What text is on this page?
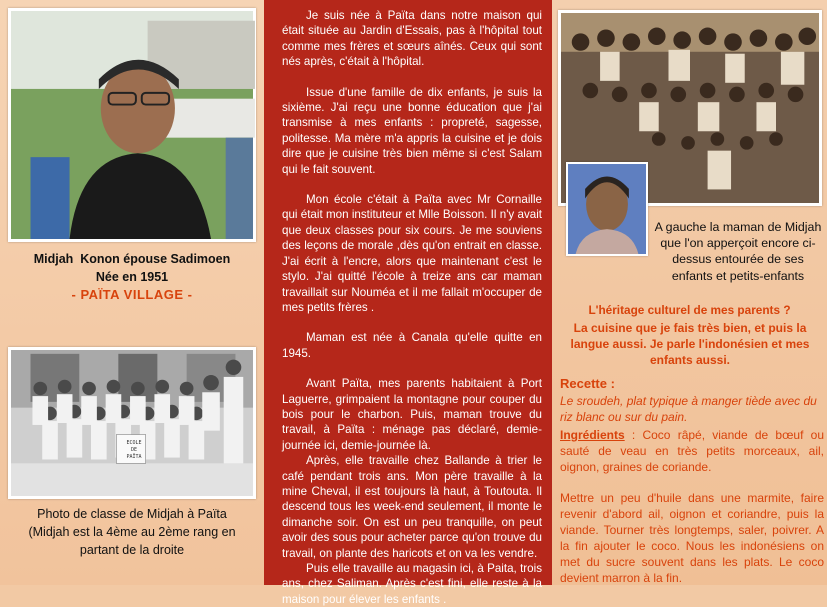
Midjah  Konon épouse Sadimoen
Née en 1951
- PAÏTA VILLAGE -
ECOLE
DE
PAÏTA
Photo de classe de Midjah à Païta
(Midjah est la 4ème au 2ème rang en
partant de la droite

Je suis née à Païta dans notre maison qui était située au Jardin d'Essais, pas à l'hôpital tout comme mes frères et sœurs aînés. Ceux qui sont nés après, c'était à l'hôpital.

Issue d'une famille de dix enfants, je suis la sixième. J'ai reçu une bonne éducation que j'ai transmise à mes enfants : propreté, sagesse, politesse. Ma mère m'a appris la cuisine et je dois dire que je cuisine très bien même si c'est Salam qui le fait souvent.

Mon école c'était à Païta avec Mr Cornaille qui était mon instituteur et Mlle Boisson. Il n'y avait que deux classes pour six cours. Je me souviens des leçons de morale ,dès qu'on entrait en classe. J'ai écrit à l'encre, alors que maintenant c'est le stylo. J'ai quitté l'école à treize ans car maman travaillait sur Nouméa et il me fallait m'occuper de mes petits frères .

Maman est née à Canala qu'elle quitte en 1945.

Avant Païta, mes parents habitaient à Port Laguerre, grimpaient la montagne pour couper du bois pour le charbon. Puis, maman trouve du travail, à Païta : ménage pas déclaré, demie-journée ici, demie-journée là.

Après, elle travaille chez Ballande à trier le café pendant trois ans. Mon père travaille à la mine Cheval, il est toujours là haut, à Toutouta. Il descend tous les week-end seulement, il monte le dimanche soir. On est un peu tranquille, on peut avoir des sous pour acheter parce qu'on trouve du travail, on plante des haricots et on va les vendre.

Puis elle travaille au magasin ici, à Paita, trois ans, chez Saliman. Après c'est fini, elle reste à la maison pour élever les enfants .

A gauche la maman de Midjah que l'on apperçoit encore ci-dessus entourée de ses enfants et petits-enfants
L'héritage culturel de mes parents ?
La cuisine que je fais très bien, et puis la langue aussi. Je parle l'indonésien et mes enfants aussi.
Recette :
Le sroudeh, plat typique à manger tiède avec du riz blanc ou sur du pain.
Ingrédients : Coco râpé, viande de bœuf ou sauté de veau en très petits morceaux, ail, oignon, graines de coriande.
Mettre un peu d'huile dans une marmite, faire revenir d'abord ail, oignon et coriandre, puis la viande. Tourner très longtemps, saler, poivrer. A la fin ajouter le coco. Nous les indonésiens on met du sucre souvent dans les plats. Le coco devient marron à la fin.
